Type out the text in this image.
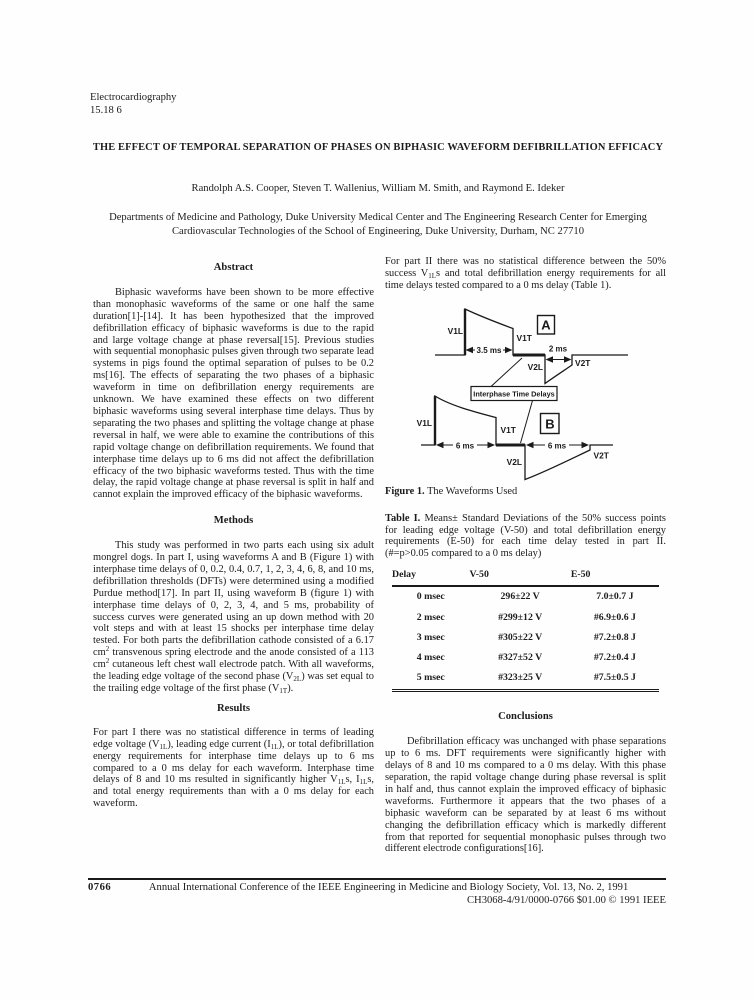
Electrocardiography
15.18 6
THE EFFECT OF TEMPORAL SEPARATION OF PHASES ON BIPHASIC WAVEFORM DEFIBRILLATION EFFICACY
Randolph A.S. Cooper, Steven T. Wallenius, William M. Smith, and Raymond E. Ideker
Departments of Medicine and Pathology, Duke University Medical Center and The Engineering Research Center for Emerging Cardiovascular Technologies of the School of Engineering, Duke University, Durham, NC 27710
Abstract

Biphasic waveforms have been shown to be more effective than monophasic waveforms of the same or one half the same duration[1]-[14]. It has been hypothesized that the improved defibrillation efficacy of biphasic waveforms is due to the rapid and large voltage change at phase reversal[15]. Previous studies with sequential monophasic pulses given through two separate lead systems in pigs found the optimal separation of pulses to be 0.2 ms[16]. The effects of separating the two phases of a biphasic waveform in time on defibrillation energy requirements are unknown. We have examined these effects on two different biphasic waveforms using several interphase time delays. Thus by separating the two phases and splitting the voltage change at phase reversal in half, we were able to examine the contributions of this rapid voltage change on defibrillation requirements. We found that interphase time delays up to 6 ms did not affect the defibrillation efficacy of the two biphasic waveforms tested. Thus with the time delay, the rapid voltage change at phase reversal is split in half and cannot explain the improved efficacy of the biphasic waveforms.

Methods

This study was performed in two parts each using six adult mongrel dogs. In part I, using waveforms A and B (Figure 1) with interphase time delays of 0, 0.2, 0.4, 0.7, 1, 2, 3, 4, 6, 8, and 10 ms, defibrillation thresholds (DFTs) were determined using a modified Purdue method[17]. In part II, using waveform B (figure 1) with interphase time delays of 0, 2, 3, 4, and 5 ms, probability of success curves were generated using an up down method with 20 volt steps and with at least 15 shocks per interphase time delay tested. For both parts the defibrillation cathode consisted of a 6.17 $cm^2$ transvenous spring electrode and the anode consisted of a 113 $cm^2$ cutaneous left chest wall electrode patch. With all waveforms, the leading edge voltage of the second phase $(V_{2L})$ was set equal to the trailing edge voltage of the first phase $(V_{1T})$.

Results

For part I there was no statistical difference in terms of leading edge voltage $(V_{1L})$, leading edge current $(I_{1L})$, or total defibrillation energy requirements for interphase time delays up to 6 ms compared to a 0 ms delay for each waveform. Interphase time delays of 8 and 10 ms resulted in significantly higher $V_{1L}s$, $I_{1L}s$, and total energy requirements than with a 0 ms delay for each waveform.

For part II there was no statistical difference between the 50% success $V_{1L}s$ and total defibrillation energy requirements for all time delays tested compared to a 0 ms delay (Table 1).

3.5 ms	2 ms
V1L
V1T
V2L	V2T
A
Interphase Time Delays
6 ms	6 ms
V1L
V1T
V2L
V2T
B

Figure 1. The Waveforms Used

Table I. Means± Standard Deviations of the 50% success points for leading edge voltage (V-50) and total defibrillation energy requirements (E-50) for each time delay tested in part II. (#=p>0.05 compared to a 0 ms delay)

Delay	V-50	E-50
0 msec	296±22 V	7.0±0.7 J
2 msec	#299±12 V	#6.9±0.6 J
3 msec	#305±22 V	#7.2±0.8 J
4 msec	#327±52 V	#7.2±0.4 J
5 msec	#323±25 V	#7.5±0.5 J
Conclusions

Defibrillation efficacy was unchanged with phase separations up to 6 ms. DFT requirements were significantly higher with delays of 8 and 10 ms compared to a 0 ms delay. With this phase separation, the rapid voltage change during phase reversal is split in half and, thus cannot explain the improved efficacy of biphasic waveforms. Furthermore it appears that the two phases of a biphasic waveform can be separated by at least 6 ms without changing the defibrillation efficacy which is markedly different from that reported for sequential monophasic pulses through two different electrode configurations[16].

0766	Annual International Conference of the IEEE Engineering in Medicine and Biology Society, Vol. 13, No. 2, 1991
CH3068-4/91/0000-0766 $01.00 © 1991 IEEE
